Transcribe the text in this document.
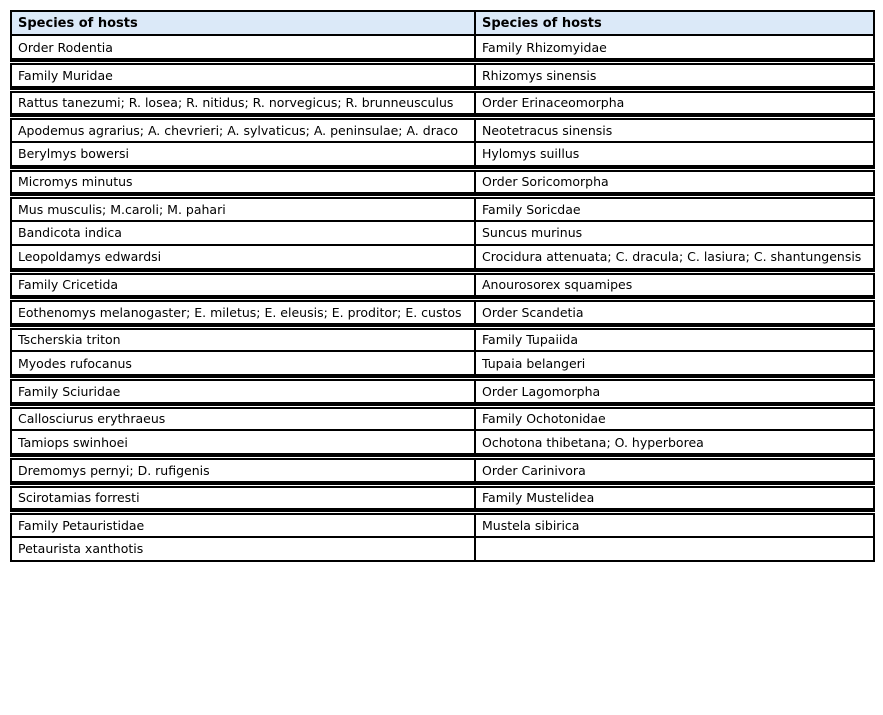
Species of hosts	Species of hosts
Order Rodentia	Family Rhizomyidae

Family Muridae	Rhizomys sinensis

Rattus tanezumi; R. losea; R. nitidus; R. norvegicus; R. brunneusculus	Order Erinaceomorpha

Apodemus agrarius; A. chevrieri; A. sylvaticus; A. peninsulae; A. draco	Neotetracus sinensis
Berylmys bowersi	Hylomys suillus

Micromys minutus	Order Soricomorpha

Mus musculis; M.caroli; M. pahari	Family Soricdae
Bandicota indica	Suncus murinus
Leopoldamys edwardsi	Crocidura attenuata; C. dracula; C. lasiura; C. shantungensis

Family Cricetida	Anourosorex squamipes

Eothenomys melanogaster; E. miletus; E. eleusis; E. proditor; E. custos	Order Scandetia

Tscherskia triton	Family Tupaiida
Myodes rufocanus	Tupaia belangeri

Family Sciuridae	Order Lagomorpha

Callosciurus erythraeus	Family Ochotonidae
Tamiops swinhoei	Ochotona thibetana; O. hyperborea

Dremomys pernyi; D. rufigenis	Order Carinivora

Scirotamias forresti	Family Mustelidea

Family Petauristidae	Mustela sibirica
Petaurista xanthotis	
